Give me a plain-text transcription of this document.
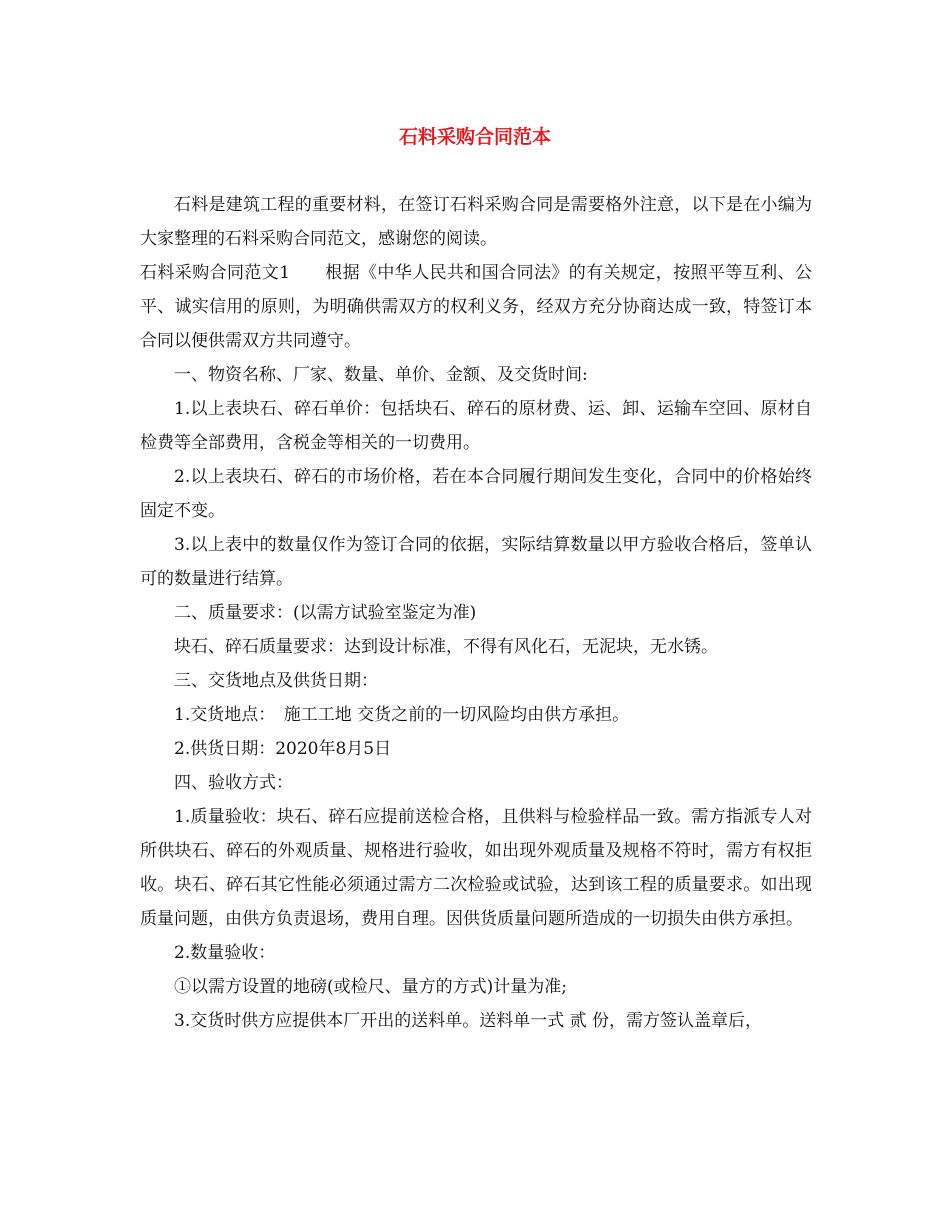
石料采购合同范本

石料是建筑工程的重要材料，在签订石料采购合同是需要格外注意，以下是在小编为大家整理的石料采购合同范文，感谢您的阅读。

石料采购合同范文1　　根据《中华人民共和国合同法》的有关规定，按照平等互利、公平、诚实信用的原则，为明确供需双方的权利义务，经双方充分协商达成一致，特签订本合同以便供需双方共同遵守。

一、物资名称、厂家、数量、单价、金额、及交货时间:

1.以上表块石、碎石单价：包括块石、碎石的原材费、运、卸、运输车空回、原材自检费等全部费用，含税金等相关的一切费用。

2.以上表块石、碎石的市场价格，若在本合同履行期间发生变化，合同中的价格始终固定不变。

3.以上表中的数量仅作为签订合同的依据，实际结算数量以甲方验收合格后，签单认可的数量进行结算。

二、质量要求：(以需方试验室鉴定为准)

块石、碎石质量要求：达到设计标准，不得有风化石，无泥块，无水锈。

三、交货地点及供货日期：

1.交货地点：　施工工地 交货之前的一切风险均由供方承担。

2.供货日期：2020年8月5日

四、验收方式：

1.质量验收：块石、碎石应提前送检合格，且供料与检验样品一致。需方指派专人对所供块石、碎石的外观质量、规格进行验收，如出现外观质量及规格不符时，需方有权拒收。块石、碎石其它性能必须通过需方二次检验或试验，达到该工程的质量要求。如出现质量问题，由供方负责退场，费用自理。因供货质量问题所造成的一切损失由供方承担。

2.数量验收：

①以需方设置的地磅(或检尺、量方的方式)计量为准;

3.交货时供方应提供本厂开出的送料单。送料单一式 贰 份，需方签认盖章后，
